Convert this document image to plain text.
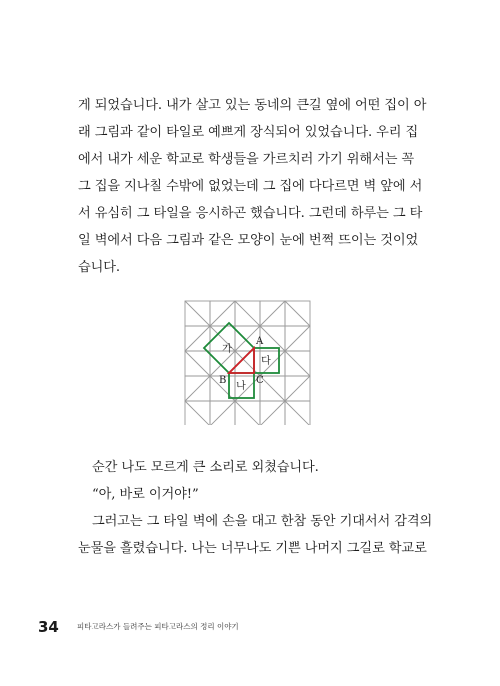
게 되었습니다. 내가 살고 있는 동네의 큰길 옆에 어떤 집이 아

래 그림과 같이 타일로 예쁘게 장식되어 있었습니다. 우리 집

에서 내가 세운 학교로 학생들을 가르치러 가기 위해서는 꼭

그 집을 지나칠 수밖에 없었는데 그 집에 다다르면 벽 앞에 서

서 유심히 그 타일을 응시하곤 했습니다. 그런데 하루는 그 타

일 벽에서 다음 그림과 같은 모양이 눈에 번쩍 뜨이는 것이었

습니다.

가
다
나
A
B	C

순간 나도 모르게 큰 소리로 외쳤습니다.

“아, 바로 이거야!”

그러고는 그 타일 벽에 손을 대고 한참 동안 기대서서 감격의

눈물을 흘렸습니다. 나는 너무나도 기쁜 나머지 그길로 학교로

34 피타고라스가 들려주는 피타고라스의 정리 이야기
